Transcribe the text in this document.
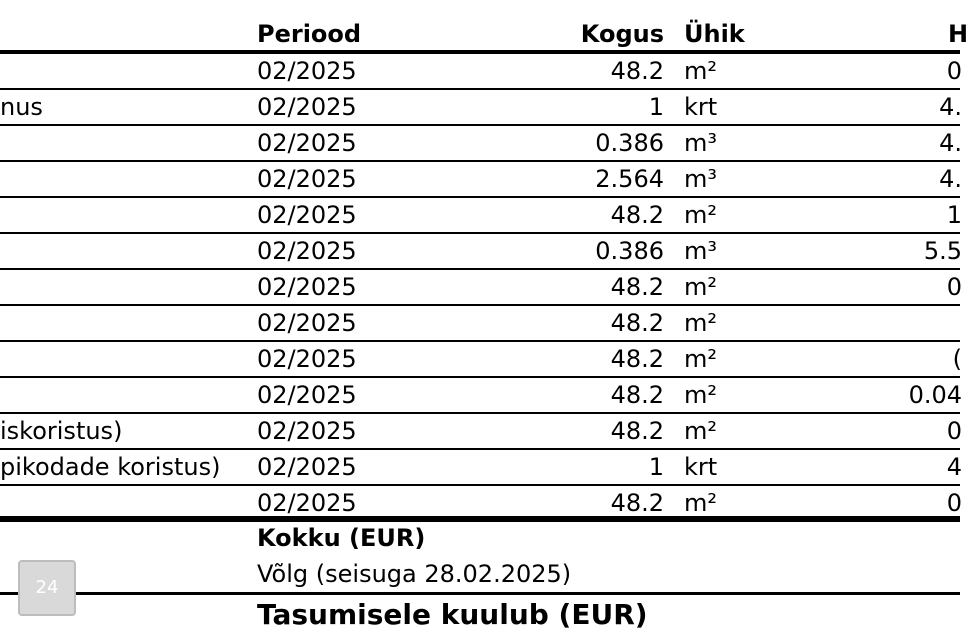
Periood	Kogus Ühik	H
02/2025	48.2 m²	0
nus	02/2025	1 krt	4.
02/2025	0.386 m³	4.
02/2025	2.564 m³	4.
02/2025	48.2 m²	1
02/2025	0.386 m³	5.5
02/2025	48.2 m²	0
02/2025	48.2 m²
02/2025	48.2 m²	(
02/2025	48.2 m²	0.04
iskoristus)	02/2025	48.2 m²	0
pikodade koristus) 02/2025	1 krt	4
02/2025	48.2 m²	0
Kokku (EUR)
Võlg (seisuga 28.02.2025)
Tasumisele kuulub (EUR)
24
